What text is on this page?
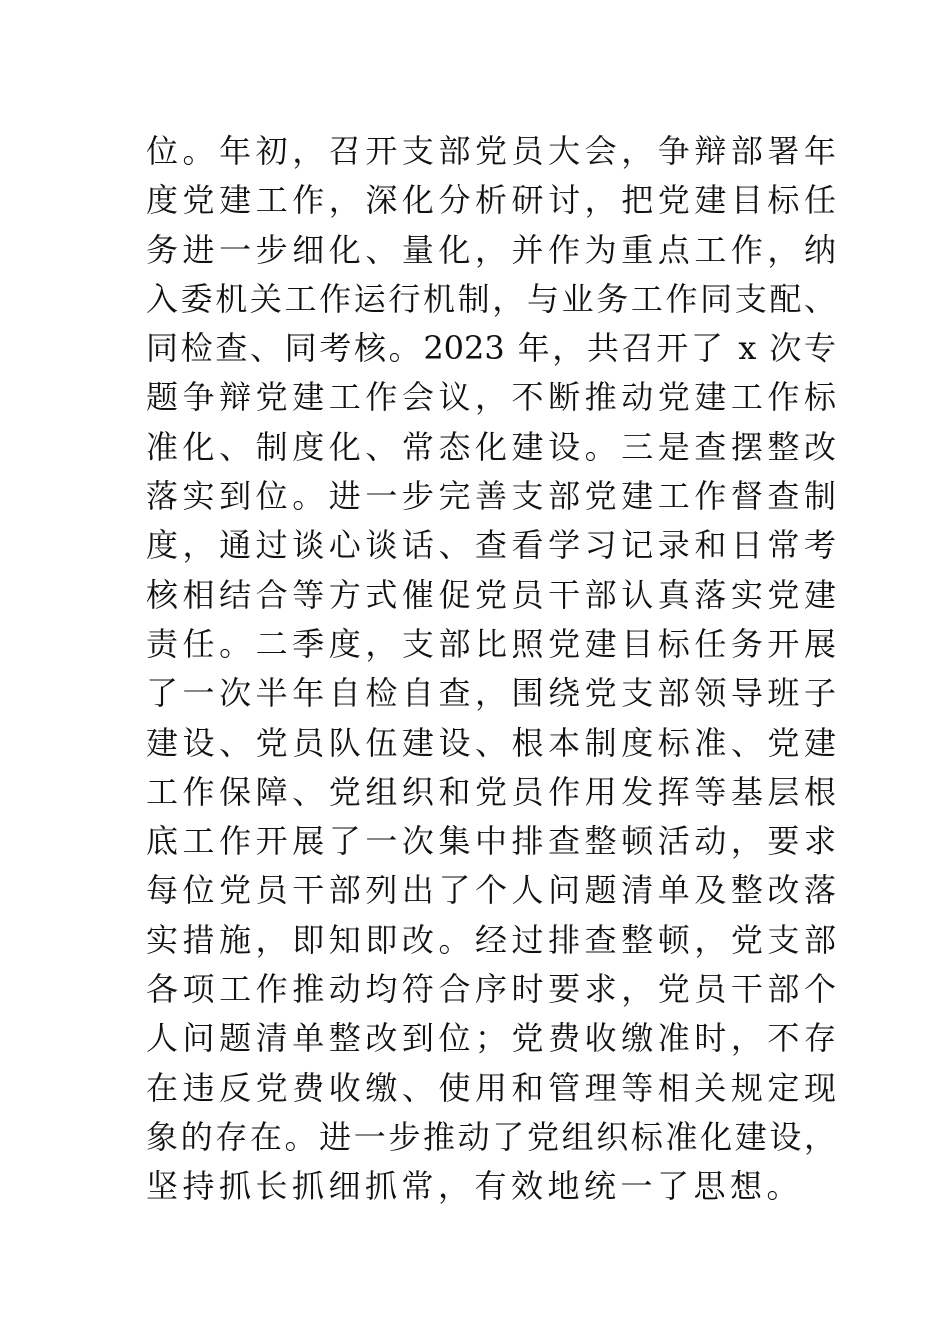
位。年初，召开支部党员大会，争辩部署年
度党建工作，深化分析研讨，把党建目标任
务进一步细化、量化，并作为重点工作，纳
入委机关工作运行机制，与业务工作同支配、
同检查、同考核。2023 年，共召开了 x 次专
题争辩党建工作会议，不断推动党建工作标
准化、制度化、常态化建设。三是查摆整改
落实到位。进一步完善支部党建工作督查制
度，通过谈心谈话、查看学习记录和日常考
核相结合等方式催促党员干部认真落实党建
责任。二季度，支部比照党建目标任务开展
了一次半年自检自查，围绕党支部领导班子
建设、党员队伍建设、根本制度标准、党建
工作保障、党组织和党员作用发挥等基层根
底工作开展了一次集中排查整顿活动，要求
每位党员干部列出了个人问题清单及整改落
实措施，即知即改。经过排查整顿，党支部
各项工作推动均符合序时要求，党员干部个
人问题清单整改到位；党费收缴准时，不存
在违反党费收缴、使用和管理等相关规定现
象的存在。进一步推动了党组织标准化建设，
坚持抓长抓细抓常，有效地统一了思想。
